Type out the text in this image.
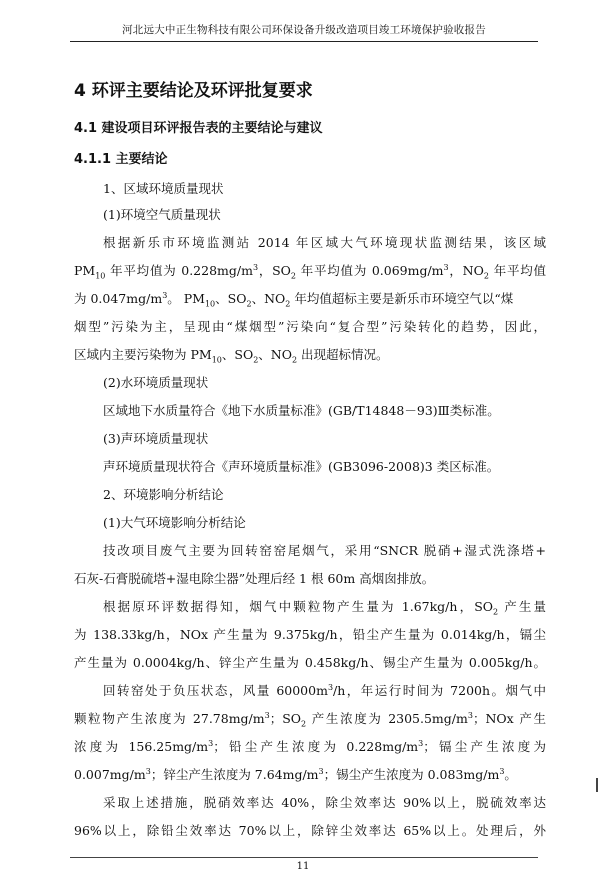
河北远大中正生物科技有限公司环保设备升级改造项目竣工环境保护验收报告
4 环评主要结论及环评批复要求
4.1 建设项目环评报告表的主要结论与建议
4.1.1 主要结论
1、区域环境质量现状
(1)环境空气质量现状
根据新乐市环境监测站 2014 年区域大气环境现状监测结果，该区域
$PM_{10}$ 年平均值为 $0.228mg/m^3$，$SO_2$ 年平均值为 $0.069mg/m^3$，$NO_2$ 年平均值
为 $0.047mg/m^3$。 $PM_{10}$、$SO_2$、$NO_2$ 年均值超标主要是新乐市环境空气以“煤
烟型”污染为主，呈现由“煤烟型”污染向“复合型”污染转化的趋势，因此，
区域内主要污染物为 $PM_{10}$、$SO_2$、$NO_2$ 出现超标情况。
(2)水环境质量现状
区域地下水质量符合《地下水质量标准》(GB/T14848－93)Ⅲ类标准。
(3)声环境质量现状
声环境质量现状符合《声环境质量标准》(GB3096-2008)3 类区标准。
2、环境影响分析结论
(1)大气环境影响分析结论
技改项目废气主要为回转窑窑尾烟气，采用“SNCR 脱硝+湿式洗涤塔+
石灰-石膏脱硫塔+湿电除尘器”处理后经 1 根 60m 高烟囱排放。
根据原环评数据得知，烟气中颗粒物产生量为 1.67kg/h，$SO_2$ 产生量
为 138.33kg/h，NOx 产生量为 9.375kg/h，铅尘产生量为 0.014kg/h，镉尘
产生量为 0.0004kg/h、锌尘产生量为 0.458kg/h、锡尘产生量为 0.005kg/h。
回转窑处于负压状态，风量 $60000m^3/h$，年运行时间为 7200h。烟气中
颗粒物产生浓度为 $27.78mg/m^3$；$SO_2$ 产生浓度为 $2305.5mg/m^3$；NOx 产生
浓度为 $156.25mg/m^3$；铅尘产生浓度为 $0.228mg/m^3$；镉尘产生浓度为
$0.007mg/m^3$；锌尘产生浓度为 $7.64mg/m^3$；锡尘产生浓度为 $0.083mg/m^3$。
采取上述措施，脱硝效率达 40%，除尘效率达 90%以上，脱硫效率达
96%以上，除铅尘效率达 70%以上，除锌尘效率达 65%以上。处理后，外
11
